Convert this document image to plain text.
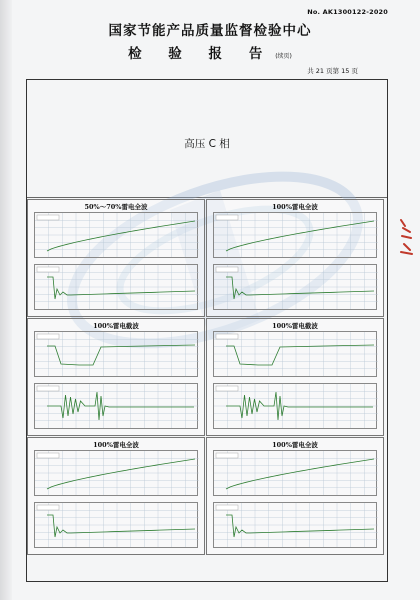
No. AK1300122-2020
国家节能产品质量监督检验中心
检 验 报 告 (续页)
共 21 页第 15 页
高压 C 相
50%～70%雷电全波	100%雷电全波
100%雷电截波	100%雷电截波
100%雷电全波	100%雷电全波
